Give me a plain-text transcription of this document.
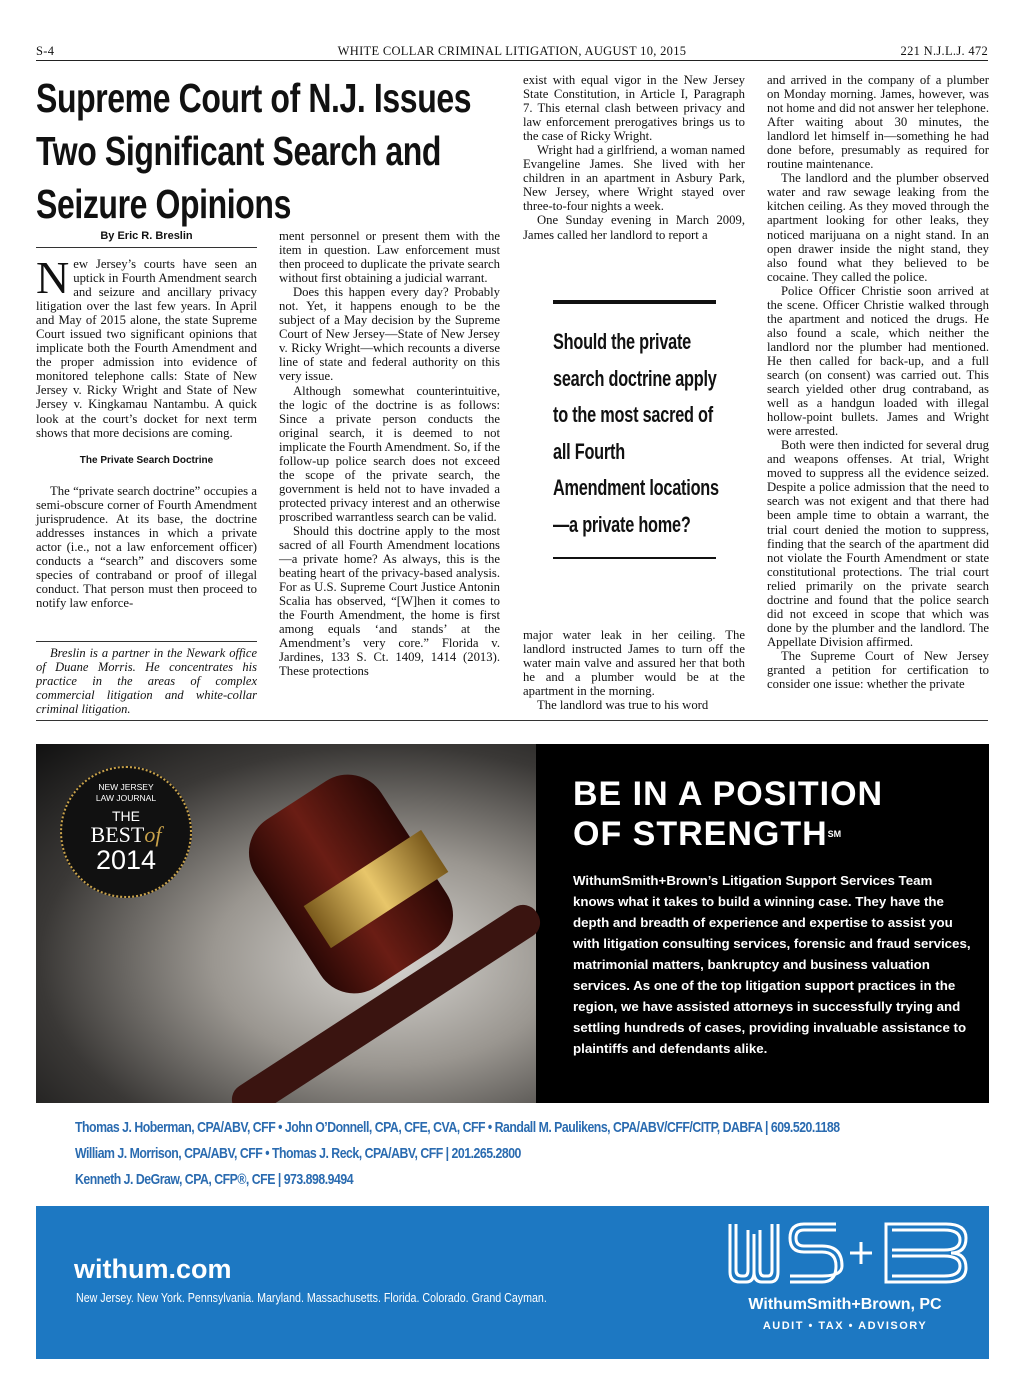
S-4	WHITE COLLAR CRIMINAL LITIGATION, AUGUST 10, 2015	221 N.J.L.J. 472
Supreme Court of N.J. Issues
Two Significant Search and
Seizure Opinions
By Eric R. Breslin

New Jersey’s courts have seen an uptick in Fourth Amendment search and seizure and ancillary privacy litigation over the last few years. In April and May of 2015 alone, the state Supreme Court issued two significant opinions that implicate both the Fourth Amendment and the proper admission into evidence of monitored telephone calls: State of New Jersey v. Ricky Wright and State of New Jersey v. Kingkamau Nantambu. A quick look at the court’s docket for next term shows that more decisions are coming.

The Private Search Doctrine

The “private search doctrine” occupies a semi-obscure corner of Fourth Amendment jurisprudence. At its base, the doctrine addresses instances in which a private actor (i.e., not a law enforcement officer) conducts a “search” and discovers some species of contraband or proof of illegal conduct. That person must then proceed to notify law enforce-

Breslin is a partner in the Newark office of Duane Morris. He concentrates his practice in the areas of complex commercial litigation and white-collar criminal litigation.

ment personnel or present them with the item in question. Law enforcement must then proceed to duplicate the private search without first obtaining a judicial warrant.

Does this happen every day? Probably not. Yet, it happens enough to be the subject of a May decision by the Supreme Court of New Jersey—State of New Jersey v. Ricky Wright—which recounts a diverse line of state and federal authority on this very issue.

Although somewhat counterintuitive, the logic of the doctrine is as follows: Since a private person conducts the original search, it is deemed to not implicate the Fourth Amendment. So, if the follow-up police search does not exceed the scope of the private search, the government is held not to have invaded a protected privacy interest and an otherwise proscribed warrantless search can be valid.

Should this doctrine apply to the most sacred of all Fourth Amendment locations—a private home? As always, this is the beating heart of the privacy-based analysis. For as U.S. Supreme Court Justice Antonin Scalia has observed, “[W]hen it comes to the Fourth Amendment, the home is first among equals ‘and stands’ at the Amendment’s very core.” Florida v. Jardines, 133 S. Ct. 1409, 1414 (2013). These protections

exist with equal vigor in the New Jersey State Constitution, in Article I, Paragraph 7. This eternal clash between privacy and law enforcement prerogatives brings us to the case of Ricky Wright.

Wright had a girlfriend, a woman named Evangeline James. She lived with her children in an apartment in Asbury Park, New Jersey, where Wright stayed over three-to-four nights a week.

One Sunday evening in March 2009, James called her landlord to report a

Should the private search doctrine apply to the most sacred of all Fourth Amendment locations—a private home?

major water leak in her ceiling. The landlord instructed James to turn off the water main valve and assured her that both he and a plumber would be at the apartment in the morning.

The landlord was true to his word

and arrived in the company of a plumber on Monday morning. James, however, was not home and did not answer her telephone. After waiting about 30 minutes, the landlord let himself in—something he had done before, presumably as required for routine maintenance.

The landlord and the plumber observed water and raw sewage leaking from the kitchen ceiling. As they moved through the apartment looking for other leaks, they noticed marijuana on a night stand. In an open drawer inside the night stand, they also found what they believed to be cocaine. They called the police.

Police Officer Christie soon arrived at the scene. Officer Christie walked through the apartment and noticed the drugs. He also found a scale, which neither the landlord nor the plumber had mentioned. He then called for back-up, and a full search (on consent) was carried out. This search yielded other drug contraband, as well as a handgun loaded with illegal hollow-point bullets. James and Wright were arrested.

Both were then indicted for several drug and weapons offenses. At trial, Wright moved to suppress all the evidence seized. Despite a police admission that the need to search was not exigent and that there had been ample time to obtain a warrant, the trial court denied the motion to suppress, finding that the search of the apartment did not violate the Fourth Amendment or state constitutional protections. The trial court relied primarily on the private search doctrine and found that the police search did not exceed in scope that which was done by the plumber and the landlord. The Appellate Division affirmed.

The Supreme Court of New Jersey granted a petition for certification to consider one issue: whether the private

NEW JERSEY
LAW JOURNAL
THE
BESTof
2014
BE IN A POSITION
OF STRENGTH℠
WithumSmith+Brown’s Litigation Support Services Team knows what it takes to build a winning case. They have the depth and breadth of experience and expertise to assist you with litigation consulting services, forensic and fraud services, matrimonial matters, bankruptcy and business valuation services. As one of the top litigation support practices in the region, we have assisted attorneys in successfully trying and settling hundreds of cases, providing invaluable assistance to plaintiffs and defendants alike.
Thomas J. Hoberman, CPA/ABV, CFF • John O’Donnell, CPA, CFE, CVA, CFF • Randall M. Paulikens, CPA/ABV/CFF/CITP, DABFA | 609.520.1188
William J. Morrison, CPA/ABV, CFF • Thomas J. Reck, CPA/ABV, CFF | 201.265.2800
Kenneth J. DeGraw, CPA, CFP®, CFE | 973.898.9494
withum.com
New Jersey. New York. Pennsylvania. Maryland. Massachusetts. Florida. Colorado. Grand Cayman.	WithumSmith+Brown, PC
AUDIT • TAX • ADVISORY
